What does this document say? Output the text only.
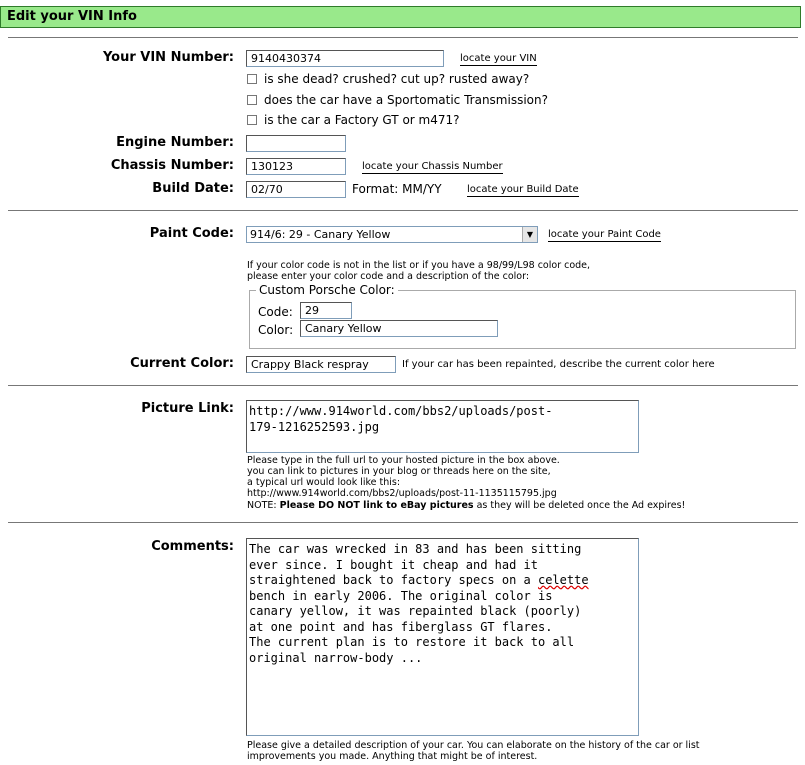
Edit your VIN Info
Your VIN Number:	9140430374	locate your VIN
is she dead? crushed? cut up? rusted away?
does the car have a Sportomatic Transmission?
is the car a Factory GT or m471?
Engine Number:
Chassis Number:	130123	locate your Chassis Number
Build Date:	02/70	Format: MM/YY	locate your Build Date
Paint Code:	914/6: 29 - Canary Yellow	▼	locate your Paint Code
If your color code is not in the list or if you have a 98/99/L98 color code,
please enter your color code and a description of the color:
Custom Porsche Color:
Code:	29
Color:	Canary Yellow
Current Color:	Crappy Black respray	If your car has been repainted, describe the current color here
Picture Link: http://www.914world.com/bbs2/uploads/post-
179-1216252593.jpg
Please type in the full url to your hosted picture in the box above.
you can link to pictures in your blog or threads here on the site,
a typical url would look like this:
http://www.914world.com/bbs2/uploads/post-11-1135115795.jpg
NOTE: Please DO NOT link to eBay pictures as they will be deleted once the Ad expires!
Comments: The car was wrecked in 83 and has been sitting
ever since. I bought it cheap and had it
straightened back to factory specs on a celette
bench in early 2006. The original color is
canary yellow, it was repainted black (poorly)
at one point and has fiberglass GT flares.
The current plan is to restore it back to all
original narrow-body ...
Please give a detailed description of your car. You can elaborate on the history of the car or list
improvements you made. Anything that might be of interest.
